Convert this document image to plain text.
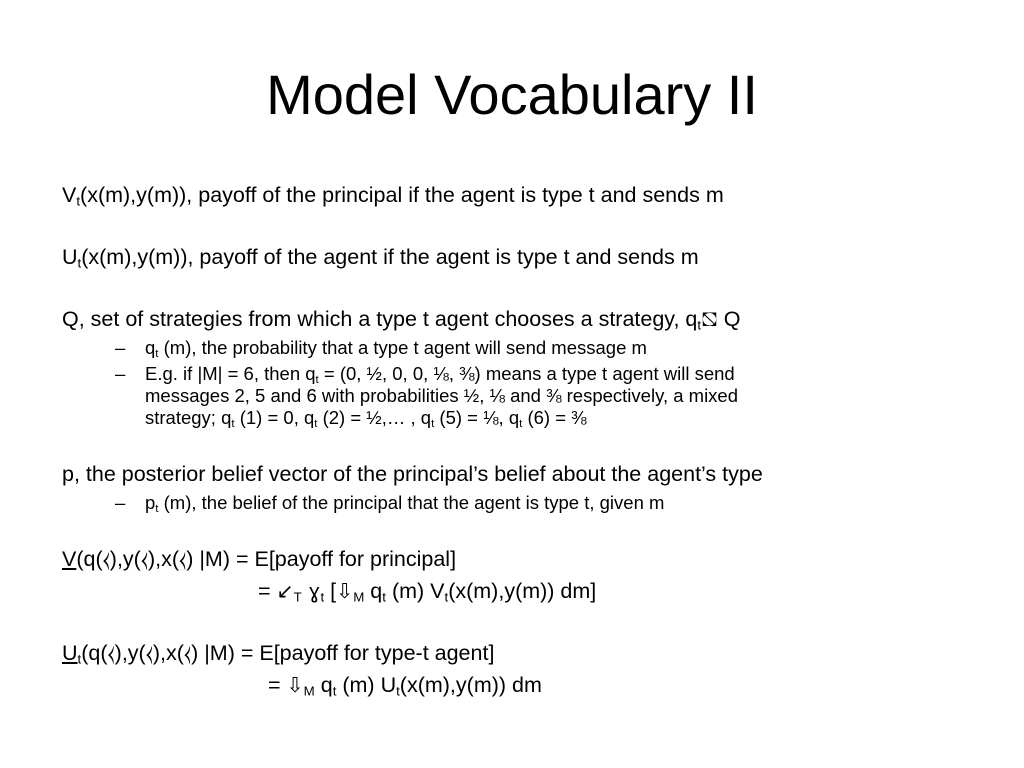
Model Vocabulary II
$V_t(x(m),y(m))$, payoff of the principal if the agent is type t and sends m
$U_t(x(m),y(m))$, payoff of the agent if the agent is type t and sends m
Q, set of strategies from which a type t agent chooses a strategy, $q_t⛞$ Q
– $q_t$ (m), the probability that a type t agent will send message m
– E.g. if |M| = 6, then $q_t = (0$, ½, 0, 0, ⅛, ⅜) means a type t agent will send
messages 2, 5 and 6 with probabilities ½, ⅛ and ⅜ respectively, a mixed
strategy; $q_t$ (1) = 0, $q_t$ (2) = ½,… , $q_t$ (5) = ⅛, $q_t$ (6) = ⅜
p, the posterior belief vector of the principal’s belief about the agent’s type
– $p_t$ (m), the belief of the principal that the agent is type t, given m
V(q(⧼),y(⧼),x(⧼) |M) = E[payoff for principal]
= $↙_T$ ɣ$_t$ [$⇩_M$ $q_t$ (m) $V_t(x(m),y(m))$ dm]
$U_t(q(⧼),y(⧼),x(⧼) |M)$ = E[payoff for type-t agent]
= $⇩_M$ $q_t$ (m) $U_t(x(m),y(m))$ dm
